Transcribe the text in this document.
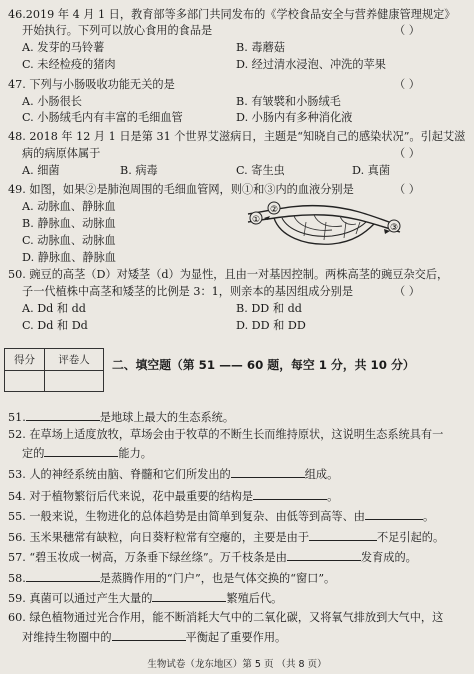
46.2019 年 4 月 1 日，教育部等多部门共同发布的《学校食品安全与营养健康管理规定》
开始执行。下列可以放心食用的食品是	（ ）
A. 发芽的马铃薯	B. 毒蘑菇
C. 未经检疫的猪肉	D. 经过清水浸泡、冲洗的苹果
47. 下列与小肠吸收功能无关的是	（ ）
A. 小肠很长	B. 有皱襞和小肠绒毛
C. 小肠绒毛内有丰富的毛细血管	D. 小肠内有多种消化液
48. 2018 年 12 月 1 日是第 31 个世界艾滋病日，主题是“知晓自己的感染状况”。引起艾滋
病的病原体属于	（ ）
A. 细菌	B. 病毒	C. 寄生虫	D. 真菌
49. 如图，如果②是肺泡周围的毛细血管网，则①和③内的血液分别是	（ ）
A. 动脉血、静脉血
B. 静脉血、动脉血
C. 动脉血、动脉血
D. 静脉血、静脉血
①
②
③
50. 豌豆的高茎（D）对矮茎（d）为显性，且由一对基因控制。两株高茎的豌豆杂交后，
子一代植株中高茎和矮茎的比例是 3：1，则亲本的基因组成分别是	（ ）
A. Dd 和 dd	B. DD 和 dd
C. Dd 和 Dd	D. DD 和 DD
得分	评卷人
	二、填空题（第 51 —— 60 题，每空 1 分，共 10 分）
51.	是地球上最大的生态系统。
52. 在草场上适度放牧，草场会由于牧草的不断生长而维持原状，这说明生态系统具有一
定的	能力。
53. 人的神经系统由脑、脊髓和它们所发出的	组成。
54. 对于植物繁衍后代来说，花中最重要的结构是	。
55. 一般来说，生物进化的总体趋势是由简单到复杂、由低等到高等、由	。
56. 玉米果穗常有缺粒，向日葵籽粒常有空瘪的，主要是由于	不足引起的。
57. “碧玉妆成一树高，万条垂下绿丝绦”。万千枝条是由	发育成的。
58.	是蒸腾作用的“门户”，也是气体交换的“窗口”。
59. 真菌可以通过产生大量的	繁殖后代。
60. 绿色植物通过光合作用，能不断消耗大气中的二氧化碳，又将氧气排放到大气中，这
对维持生物圈中的	平衡起了重要作用。
生物试卷（龙东地区）第 5 页 （共 8 页）
